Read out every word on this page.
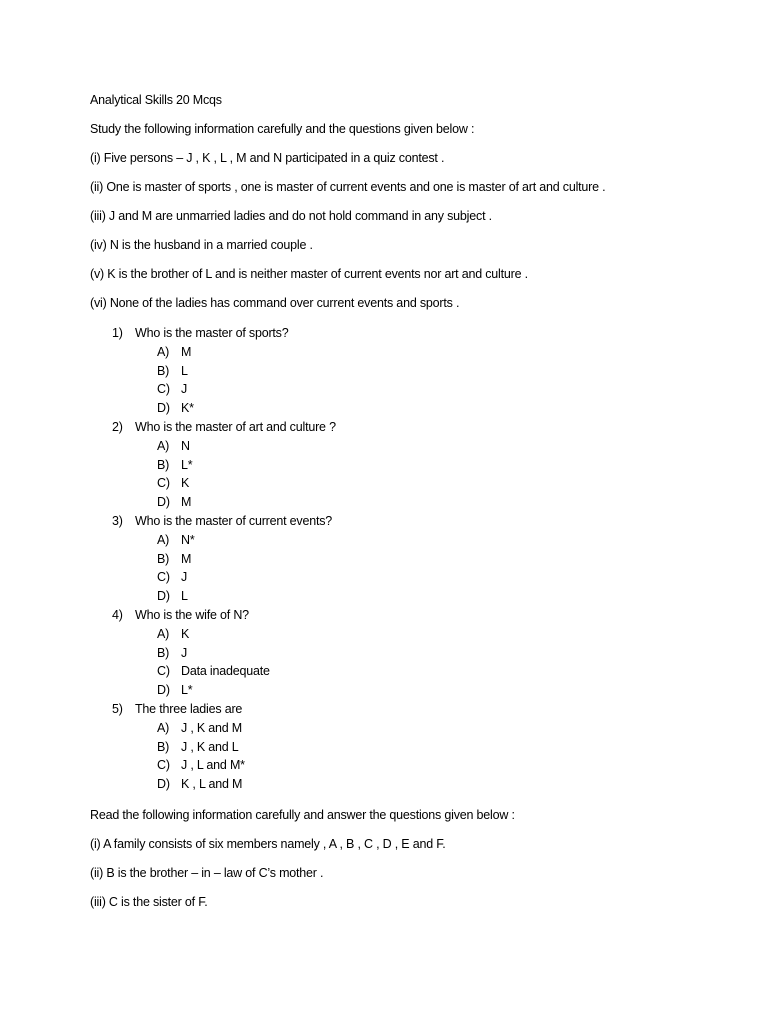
Analytical Skills 20 Mcqs

Study the following information carefully and the questions given below :

(i) Five persons – J , K , L , M and N participated in a quiz contest .

(ii) One is master of sports , one is master of current events and one is master of art and culture .

(iii) J and M are unmarried ladies and do not hold command in any subject .

(iv) N is the husband in a married couple .

(v) K is the brother of L and is neither master of current events nor art and culture .

(vi) None of the ladies has command over current events and sports .

1) Who is the master of sports?
A) M
B) L
C) J
D) K*
2) Who is the master of art and culture ?
A) N
B) L*
C) K
D) M
3) Who is the master of current events?
A) N*
B) M
C) J
D) L
4) Who is the wife of N?
A) K
B) J
C) Data inadequate
D) L*
5) The three ladies are
A) J , K and M
B) J , K and L
C) J , L and M*
D) K , L and M

Read the following information carefully and answer the questions given below :

(i) A family consists of six members namely , A , B , C , D , E and F.

(ii) B is the brother – in – law of C’s mother .

(iii) C is the sister of F.
